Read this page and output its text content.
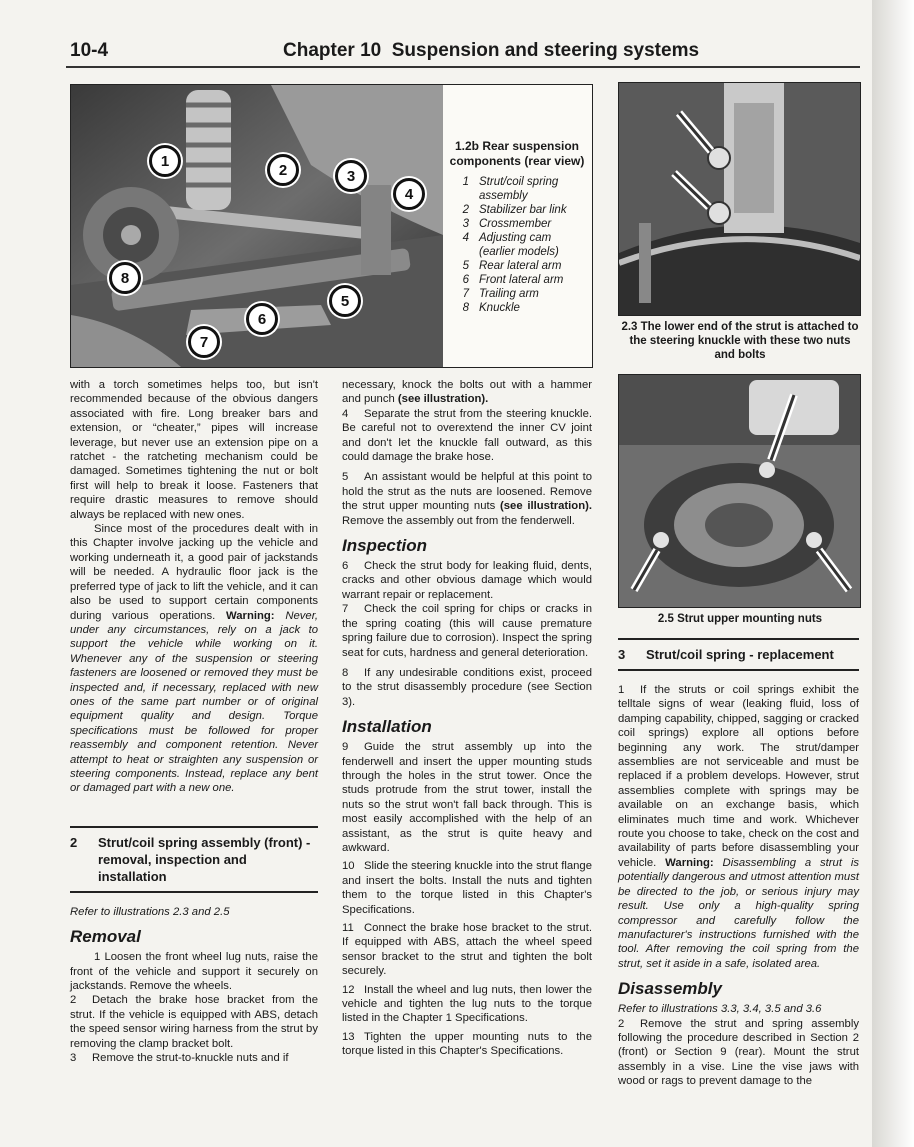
10-4	Chapter 10  Suspension and steering systems
1
2	3
4
8
5
6
7
1.2b Rear suspension components (rear view)
1 Strut/coil spring assembly
2 Stabilizer bar link
3 Crossmember
4 Adjusting cam (earlier models)
5 Rear lateral arm
6 Front lateral arm
7 Trailing arm
8 Knuckle
2.3 The lower end of the strut is attached to the steering knuckle with these two nuts and bolts
2.5 Strut upper mounting nuts

with a torch sometimes helps too, but isn't recommended because of the obvious dangers associated with fire. Long breaker bars and extension, or “cheater,” pipes will increase leverage, but never use an extension pipe on a ratchet - the ratcheting mechanism could be damaged. Sometimes tightening the nut or bolt first will help to break it loose. Fasteners that require drastic measures to remove should always be replaced with new ones.

Since most of the procedures dealt with in this Chapter involve jacking up the vehicle and working underneath it, a good pair of jackstands will be needed. A hydraulic floor jack is the preferred type of jack to lift the vehicle, and it can also be used to support certain components during various operations. Warning: Never, under any circumstances, rely on a jack to support the vehicle while working on it. Whenever any of the suspension or steering fasteners are loosened or removed they must be inspected and, if necessary, replaced with new ones of the same part number or of original equipment quality and design. Torque specifications must be followed for proper reassembly and component retention. Never attempt to heat or straighten any suspension or steering components. Instead, replace any bent or damaged part with a new one.

2	Strut/coil spring assembly (front) - removal, inspection and installation

Refer to illustrations 2.3 and 2.5

Removal

1 Loosen the front wheel lug nuts, raise the front of the vehicle and support it securely on jackstands. Remove the wheels.

2 Detach the brake hose bracket from the strut. If the vehicle is equipped with ABS, detach the speed sensor wiring harness from the strut by removing the clamp bracket bolt.

3 Remove the strut-to-knuckle nuts and if

necessary, knock the bolts out with a hammer and punch (see illustration).

4 Separate the strut from the steering knuckle. Be careful not to overextend the inner CV joint and don't let the knuckle fall outward, as this could damage the brake hose.

5 An assistant would be helpful at this point to hold the strut as the nuts are loosened. Remove the strut upper mounting nuts (see illustration). Remove the assembly out from the fenderwell.

Inspection

6 Check the strut body for leaking fluid, dents, cracks and other obvious damage which would warrant repair or replacement.

7 Check the coil spring for chips or cracks in the spring coating (this will cause premature spring failure due to corrosion). Inspect the spring seat for cuts, hardness and general deterioration.

8 If any undesirable conditions exist, proceed to the strut disassembly procedure (see Section 3).

Installation

9 Guide the strut assembly up into the fenderwell and insert the upper mounting studs through the holes in the strut tower. Once the studs protrude from the strut tower, install the nuts so the strut won't fall back through. This is most easily accomplished with the help of an assistant, as the strut is quite heavy and awkward.

10 Slide the steering knuckle into the strut flange and insert the bolts. Install the nuts and tighten them to the torque listed in this Chapter's Specifications.

11 Connect the brake hose bracket to the strut. If equipped with ABS, attach the wheel speed sensor bracket to the strut and tighten the bolt securely.

12 Install the wheel and lug nuts, then lower the vehicle and tighten the lug nuts to the torque listed in the Chapter 1 Specifications.

13 Tighten the upper mounting nuts to the torque listed in this Chapter's Specifications.

3	Strut/coil spring - replacement

1 If the struts or coil springs exhibit the telltale signs of wear (leaking fluid, loss of damping capability, chipped, sagging or cracked coil springs) explore all options before beginning any work. The strut/damper assemblies are not serviceable and must be replaced if a problem develops. However, strut assemblies complete with springs may be available on an exchange basis, which eliminates much time and work. Whichever route you choose to take, check on the cost and availability of parts before disassembling your vehicle. Warning: Disassembling a strut is potentially dangerous and utmost attention must be directed to the job, or serious injury may result. Use only a high-quality spring compressor and carefully follow the manufacturer's instructions furnished with the tool. After removing the coil spring from the strut, set it aside in a safe, isolated area.

Disassembly

Refer to illustrations 3.3, 3.4, 3.5 and 3.6

2 Remove the strut and spring assembly following the procedure described in Section 2 (front) or Section 9 (rear). Mount the strut assembly in a vise. Line the vise jaws with wood or rags to prevent damage to the
